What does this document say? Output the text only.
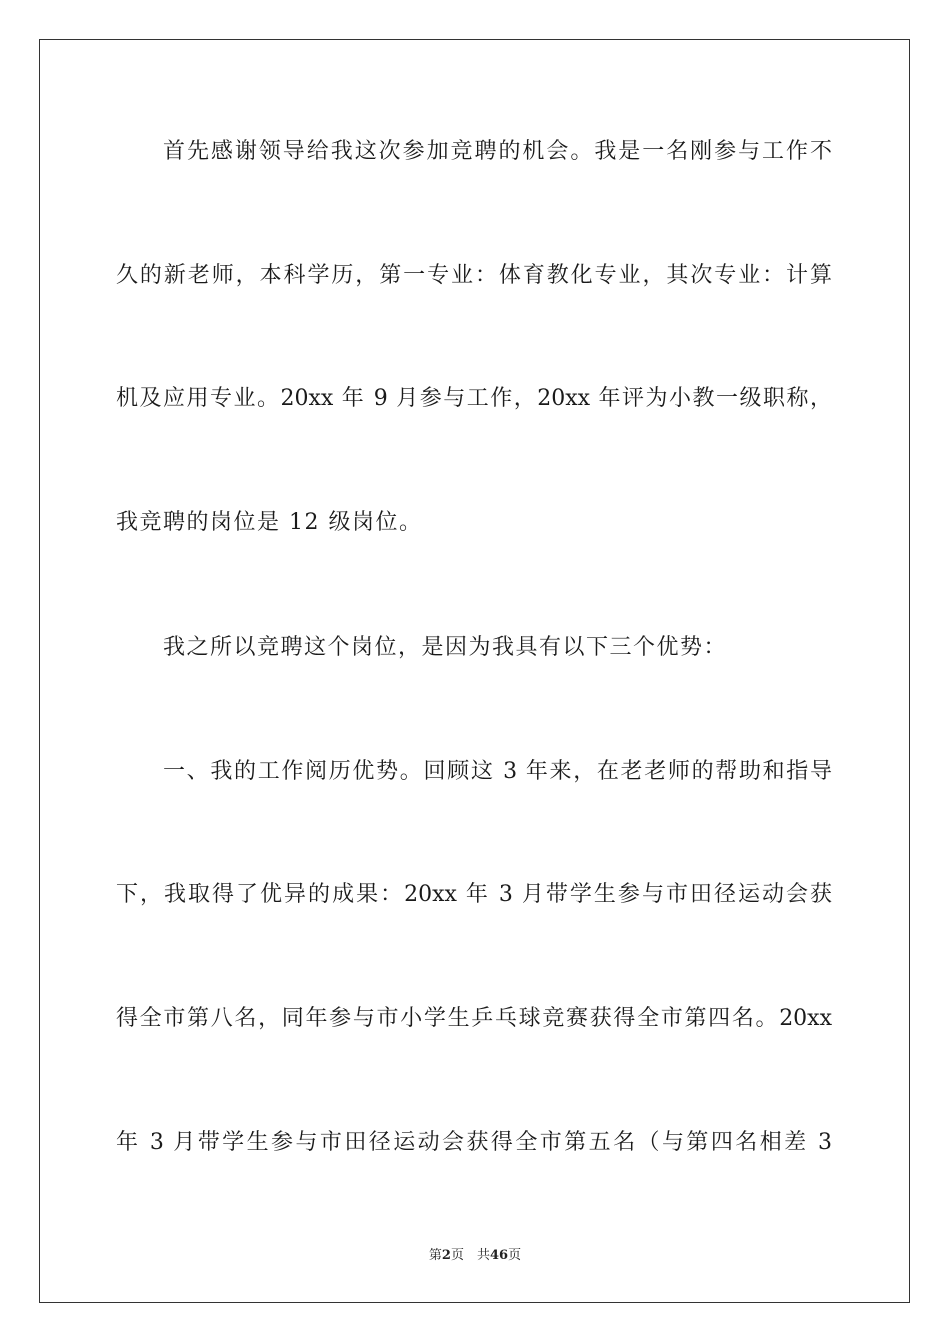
首先感谢领导给我这次参加竞聘的机会。我是一名刚参与工作不
久的新老师，本科学历，第一专业：体育教化专业，其次专业：计算
机及应用专业。20xx 年 9 月参与工作，20xx 年评为小教一级职称，
我竞聘的岗位是 12 级岗位。
我之所以竞聘这个岗位，是因为我具有以下三个优势：
一、我的工作阅历优势。回顾这 3 年来，在老老师的帮助和指导
下，我取得了优异的成果：20xx 年 3 月带学生参与市田径运动会获
得全市第八名，同年参与市小学生乒乓球竞赛获得全市第四名。20xx
年 3 月带学生参与市田径运动会获得全市第五名（与第四名相差 3
第2页　共46页
